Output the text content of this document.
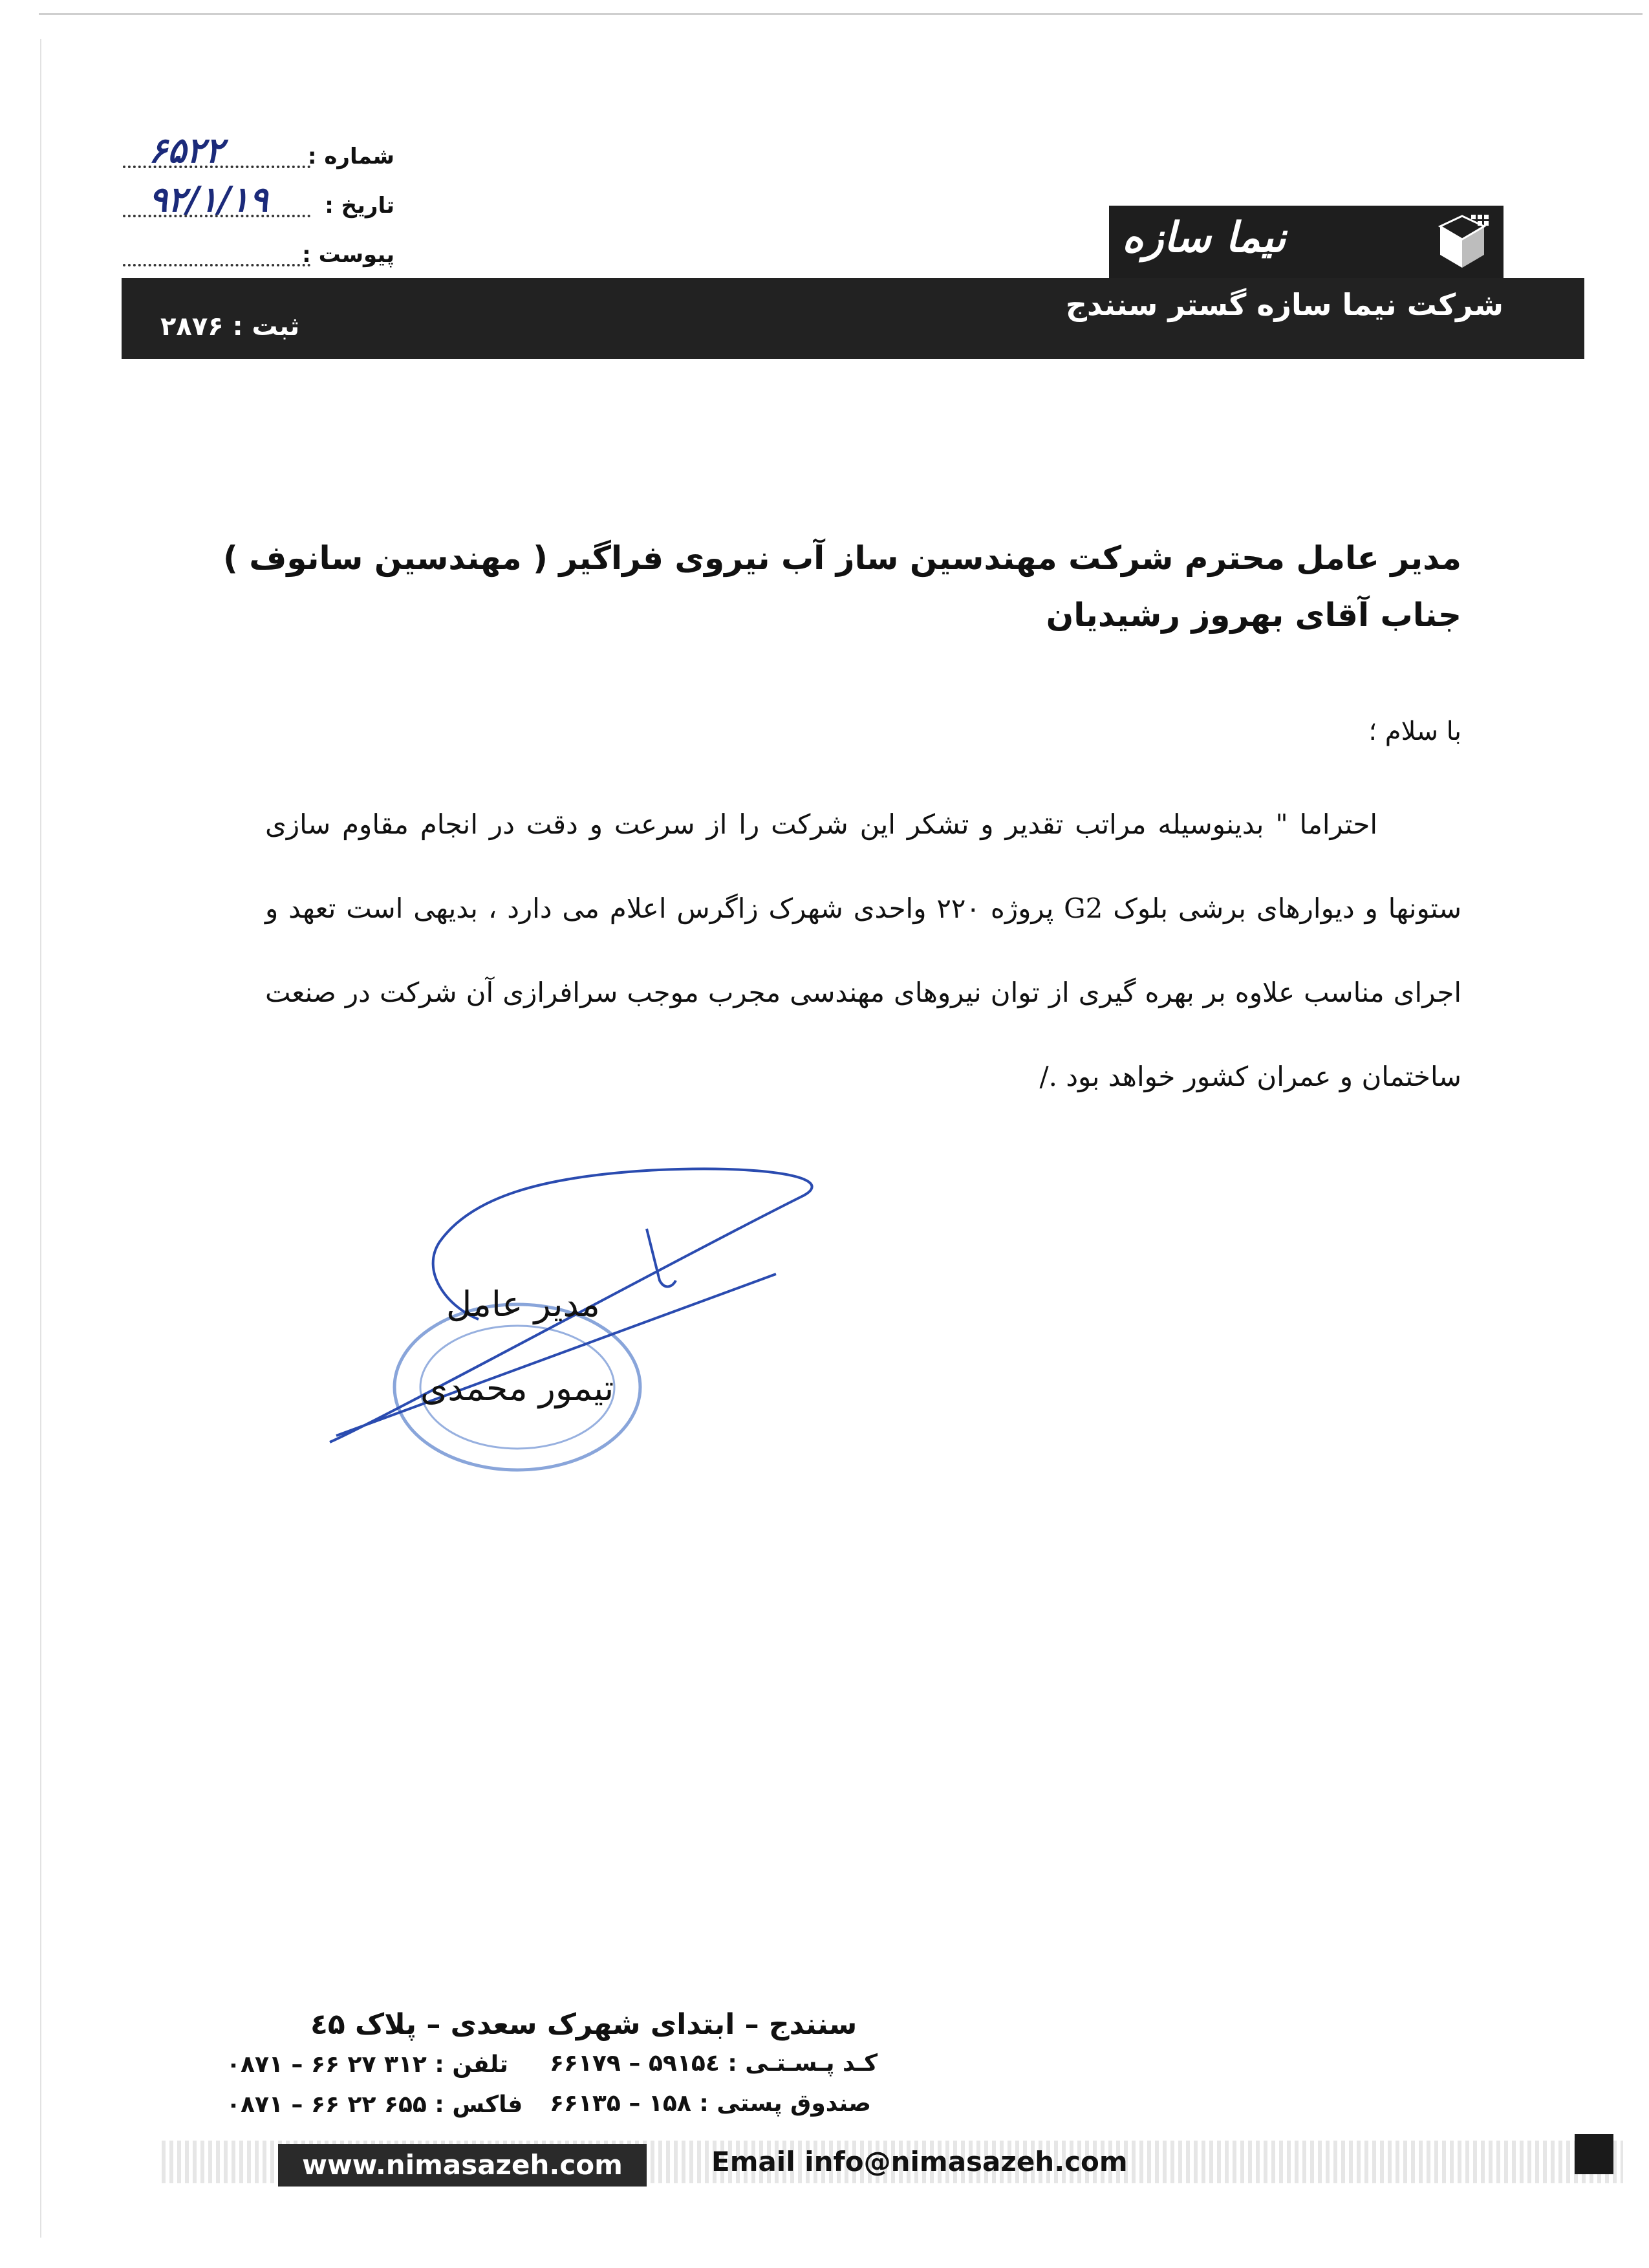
شماره :
۶۵۲۲
تاریخ :
۹۲/۱/۱۹
پیوست :	نیما سازه
شرکت نیما سازه گستر سنندج
ثبت : ۲۸۷۶
مدیر عامل محترم شرکت مهندسین ساز آب نیروی فراگیر ( مهندسین سانوف )
جناب آقای بهروز رشیدیان
با سلام ؛
احتراما " بدینوسیله مراتب تقدیر و تشکر این شرکت را از سرعت و دقت در انجام مقاوم سازی ستونها و دیوارهای برشی بلوک G2 پروژه ۲۲۰ واحدی شهرک زاگرس اعلام می دارد ، بدیهی است تعهد و اجرای مناسب علاوه بر بهره گیری از توان نیروهای مهندسی مجرب موجب سرافرازی آن شرکت در صنعت ساختمان و عمران کشور خواهد بود ./
مدیر عامل
تیمور محمدی
سنندج – ابتدای شهرک سعدی – پلاک ٤۵
کـد پـسـتـی : ۵۹۱۵٤ – ۶۶۱۷۹
صندوق پستی : ۱۵۸ – ۶۶۱۳۵
تلفن : ۳۱۲ ۲۷ ۶۶ – ۰۸۷۱
فاکس : ۶۵۵ ۲۲ ۶۶ – ۰۸۷۱
www.nimasazeh.com	Email info@nimasazeh.com
